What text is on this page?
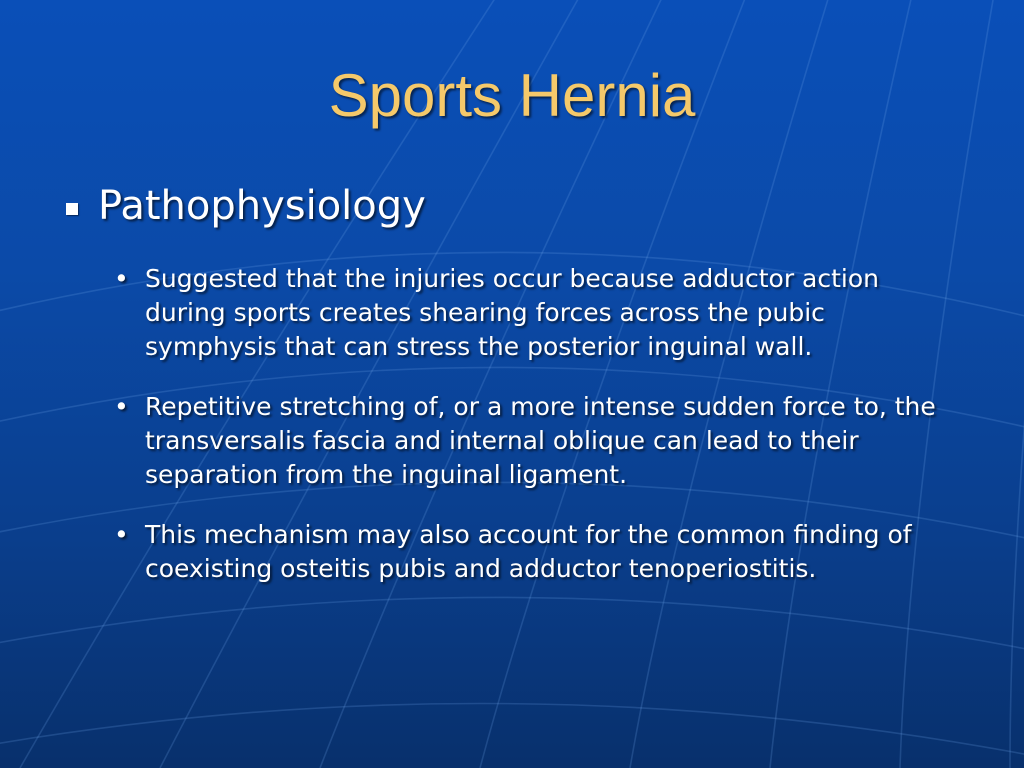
Sports Hernia
Pathophysiology
• Suggested that the injuries occur because adductor action during sports creates shearing forces across the pubic symphysis that can stress the posterior inguinal wall.
• Repetitive stretching of, or a more intense sudden force to, the transversalis fascia and internal oblique can lead to their separation from the inguinal ligament.
• This mechanism may also account for the common finding of coexisting osteitis pubis and adductor tenoperiostitis.
